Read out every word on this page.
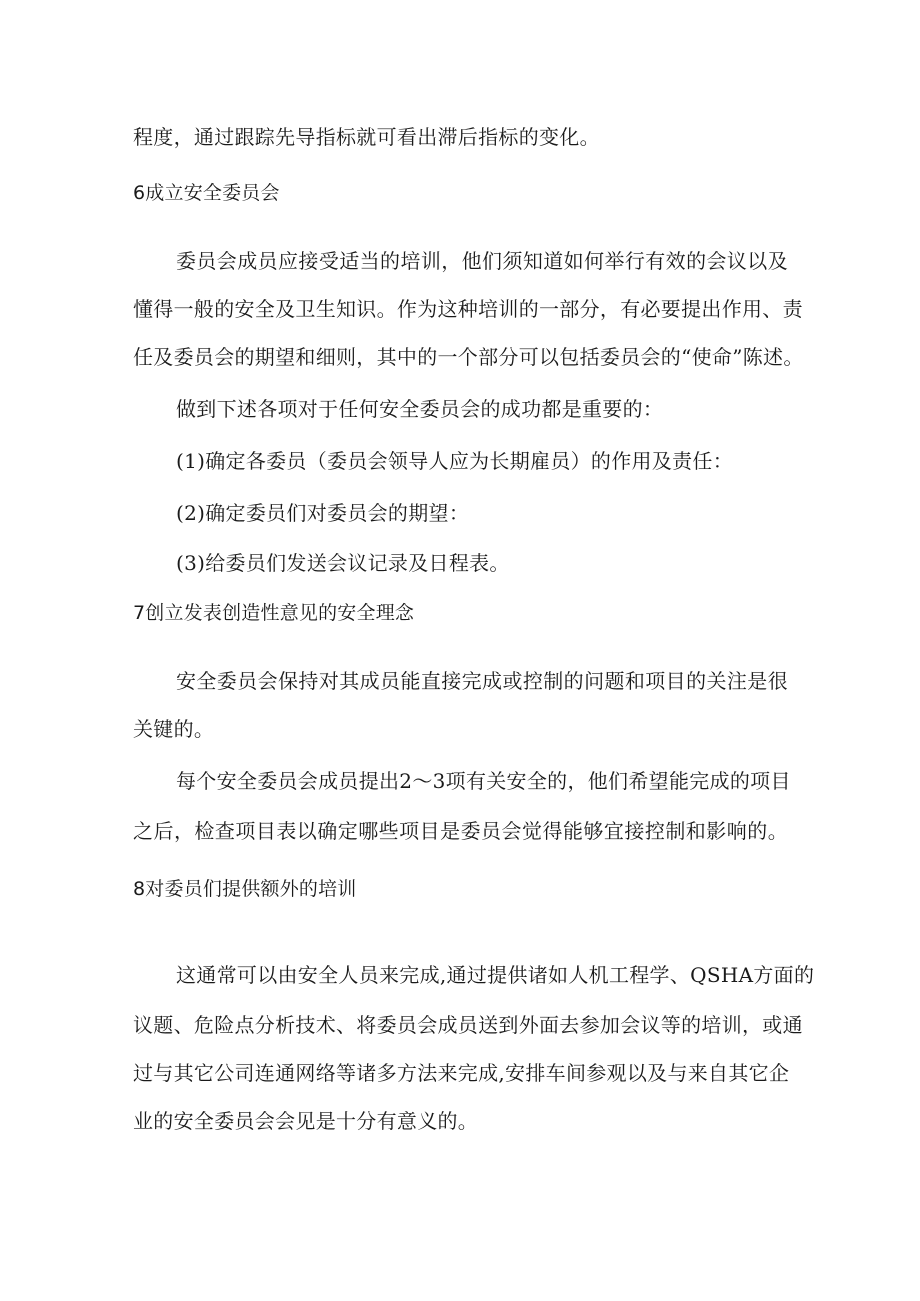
程度，通过跟踪先导指标就可看出滞后指标的变化。
6成立安全委员会
委员会成员应接受适当的培训，他们须知道如何举行有效的会议以及
懂得一般的安全及卫生知识。作为这种培训的一部分，有必要提出作用、责
任及委员会的期望和细则，其中的一个部分可以包括委员会的“使命”陈述。
做到下述各项对于任何安全委员会的成功都是重要的：
(1)确定各委员（委员会领导人应为长期雇员）的作用及责任：
(2)确定委员们对委员会的期望：
(3)给委员们发送会议记录及日程表。
7创立发表创造性意见的安全理念
安全委员会保持对其成员能直接完成或控制的问题和项目的关注是很
关键的。
每个安全委员会成员提出2～3项有关安全的，他们希望能完成的项目
之后，检查项目表以确定哪些项目是委员会觉得能够宜接控制和影响的。
8对委员们提供额外的培训
这通常可以由安全人员来完成,通过提供诸如人机工程学、QSHA方面的
议题、危险点分析技术、将委员会成员送到外面去参加会议等的培训，或通
过与其它公司连通网络等诸多方法来完成,安排车间参观以及与来自其它企
业的安全委员会会见是十分有意义的。
